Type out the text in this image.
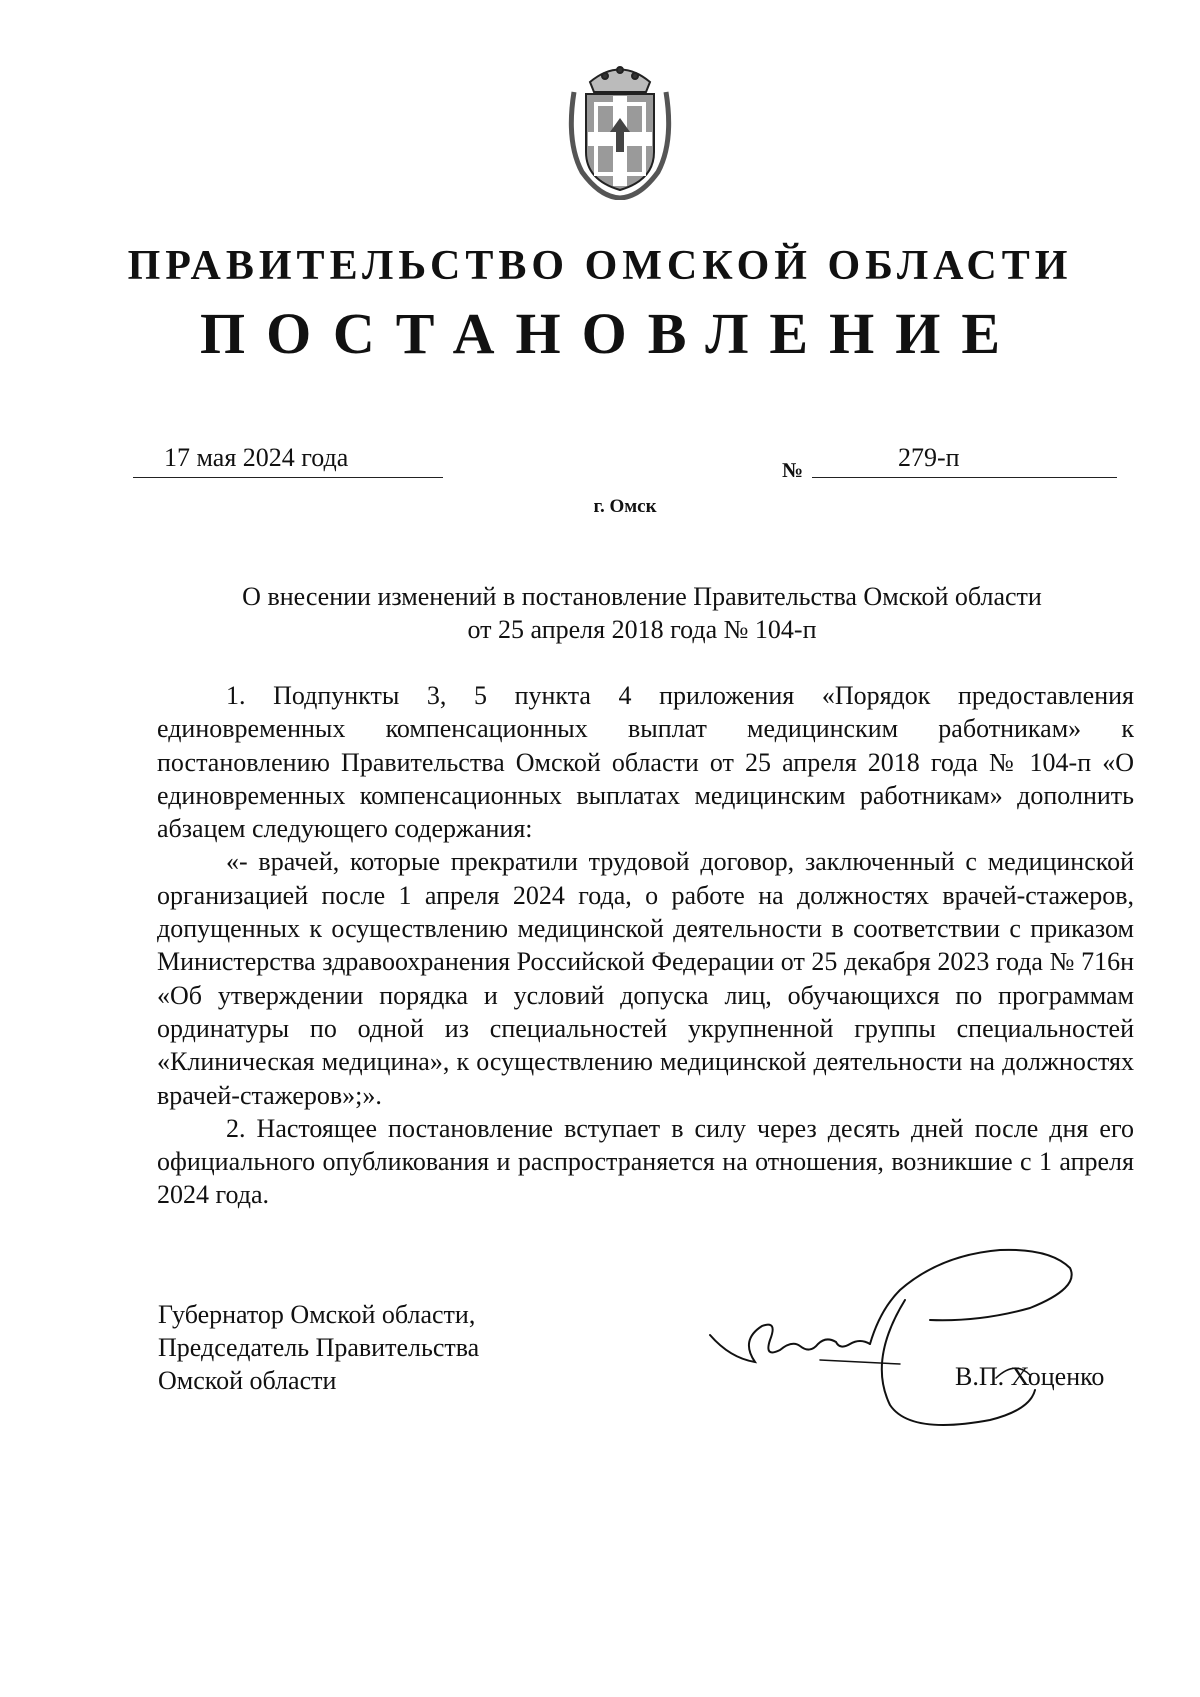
ПРАВИТЕЛЬСТВО ОМСКОЙ ОБЛАСТИ
ПОСТАНОВЛЕНИЕ
17 мая 2024 года	№	279-п
г. Омск

О внесении изменений в постановление Правительства Омской области

от 25 апреля 2018 года № 104-п

1. Подпункты 3, 5 пункта 4 приложения «Порядок предоставления единовременных компенсационных выплат медицинским работникам» к постановлению Правительства Омской области от 25 апреля 2018 года № 104-п «О единовременных компенсационных выплатах медицинским работникам» дополнить абзацем следующего содержания:

«- врачей, которые прекратили трудовой договор, заключенный с медицинской организацией после 1 апреля 2024 года, о работе на должностях врачей-стажеров, допущенных к осуществлению медицинской деятельности в соответствии с приказом Министерства здравоохранения Российской Федерации от 25 декабря 2023 года № 716н «Об утверждении порядка и условий допуска лиц, обучающихся по программам ординатуры по одной из специальностей укрупненной группы специальностей «Клиническая медицина», к осуществлению медицинской деятельности на должностях врачей-стажеров»;».

2. Настоящее постановление вступает в силу через десять дней после дня его официального опубликования и распространяется на отношения, возникшие с 1 апреля 2024 года.

Губернатор Омской области,
Председатель Правительства
Омской области	В.П. Хоценко
